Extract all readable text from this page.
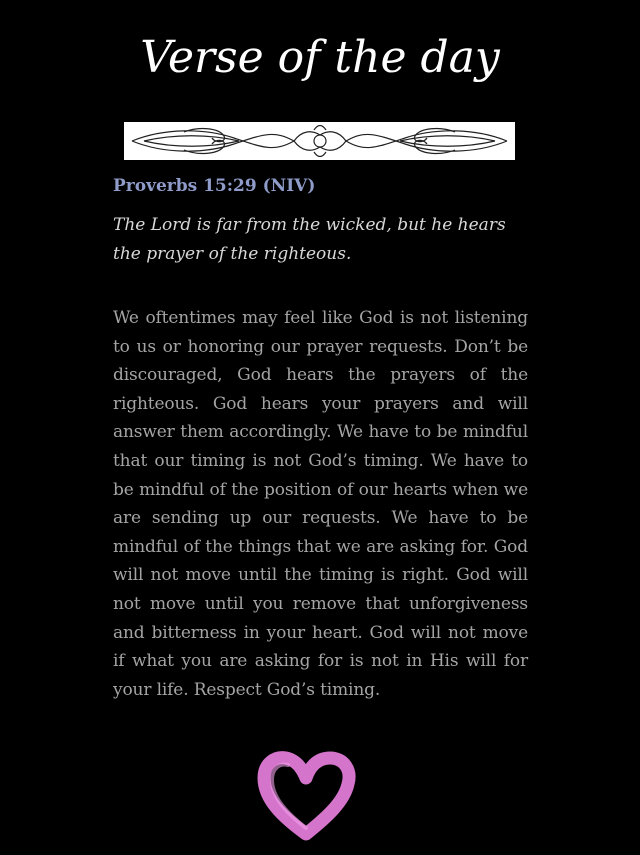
Verse of the day
Proverbs 15:29 (NIV)
The Lord is far from the wicked, but he hears the prayer of the righteous.
We oftentimes may feel like God is not listening to us or honoring our prayer requests. Don’t be discouraged, God hears the prayers of the righteous. God hears your prayers and will answer them accordingly. We have to be mindful that our timing is not God’s timing. We have to be mindful of the position of our hearts when we are sending up our requests. We have to be mindful of the things that we are asking for. God will not move until the timing is right. God will not move until you remove that unforgiveness and bitterness in your heart. God will not move if what you are asking for is not in His will for your life. Respect God’s timing.
